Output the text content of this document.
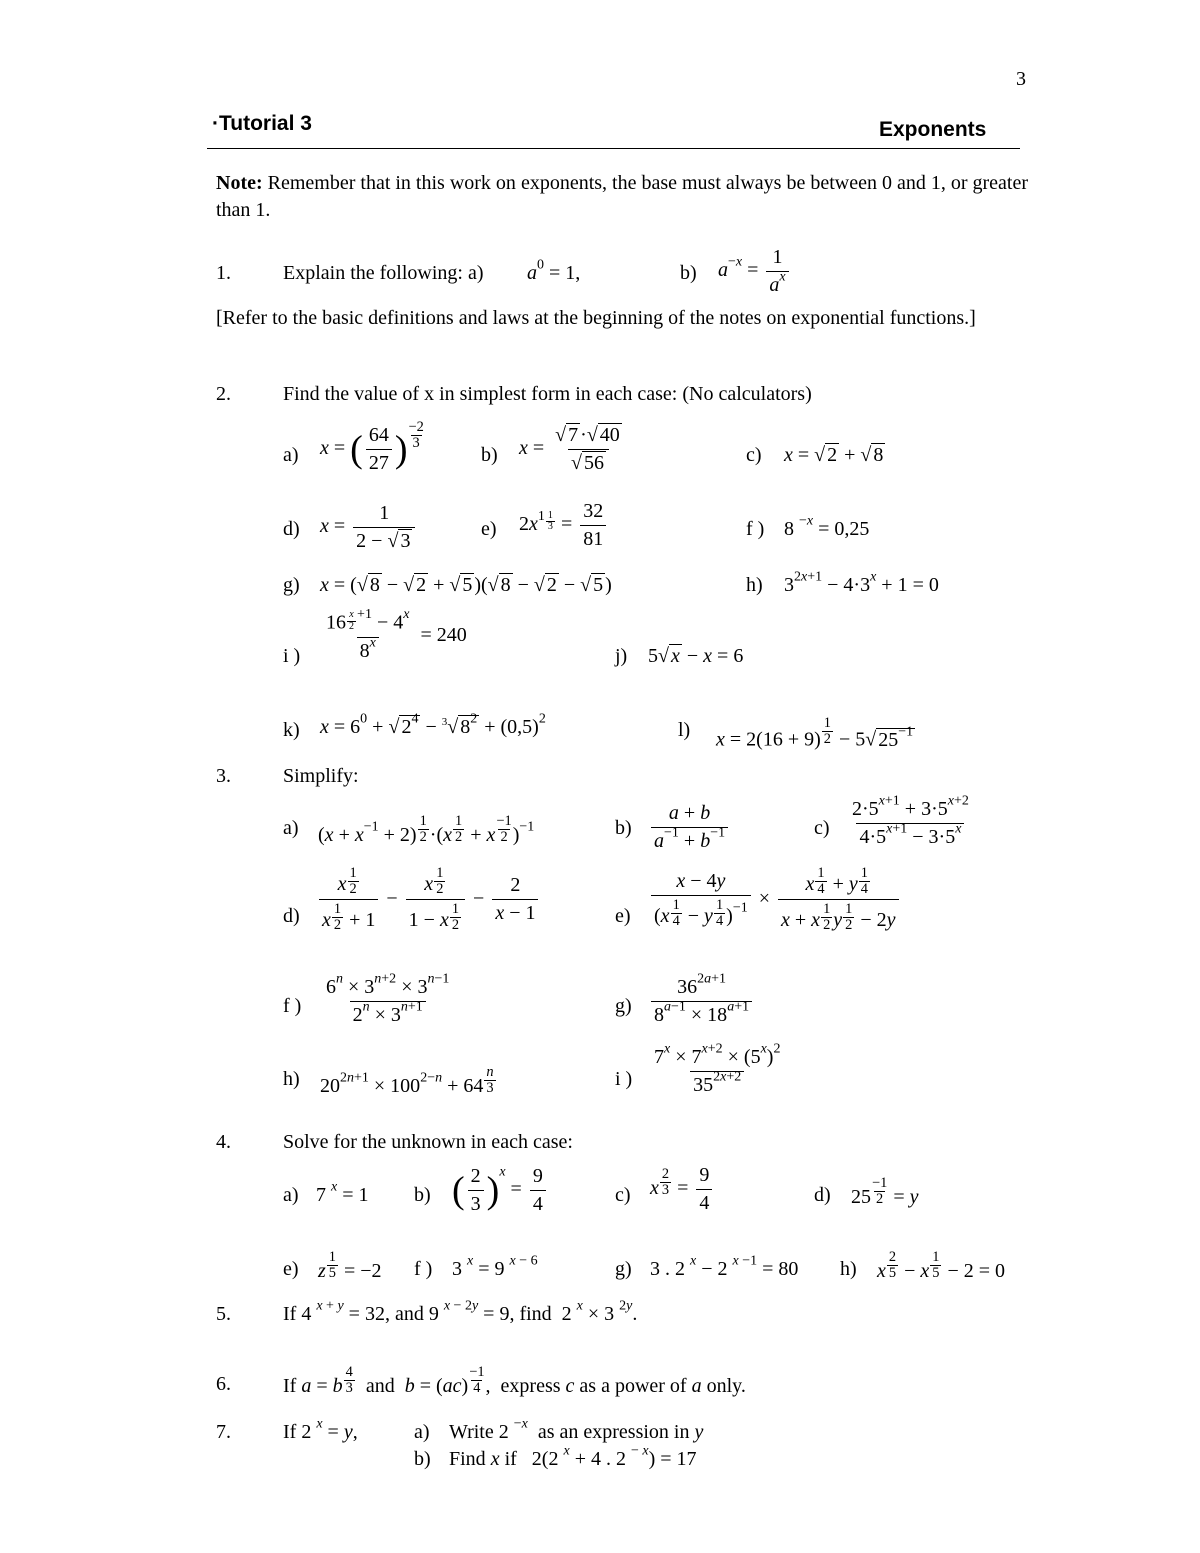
3
·Tutorial 3	Exponents
Note: Remember that in this work on exponents, the base must always be between 0 and 1, or greater than 1.
1.	Explain the following: a) $a^0 = 1$,	b) $a^{-x} = \frac{1}{a^x}$
[Refer to the basic definitions and laws at the beginning of the notes on exponential functions.]
2.	Find the value of x in simplest form in each case: (No calculators)
a) x = ( $\frac{64}{27}$ ) $\frac{-2}{3}$
b) $x = \frac{√ 7 \cdot√ 40}{√ 56}$	c) x = √ 2 + √ 8
d) $x = \frac{1}{2 - √ 3}$	e) $2x^{1 \frac{1}{3}} = \frac{32}{81}$	f ) 8 $^{-x}$ = 0,25
g) x = (√ 8 − √ 2 + √ 5 )(√ 8 − √ 2 − √ 5 )	h) $3^{2x+1} - 4\cdot 3^x + 1 = 0$
i ) 16 $^{\frac{x}{2} +1} - 4^x$
$8^x = 240$
j) 5√ x − x = 6
k) $x = 6^0$ + √ $2^4 - ^3√$ $8^2 + (0,5)^2$	l) $x = 2(16 + 9) \frac{1}{2} - 5√$ $25^{-1}$
3.	Simplify:
a) $(x + x^{-1} + 2) \frac{1}{2} \cdot(x \frac{1}{2} + x \frac{-1}{2} )^{-1}$	$b) \frac{a + b}{a^{-1} + b^{-1}}$	$c) \frac{2\cdot 5^{x+1} + 3\cdot 5^{x+2}}{4\cdot 5^{x+1} - 3\cdot 5^x}$
$d) \frac{x \frac{1}{2}}{x \frac{1}{2} + 1} - \frac{x \frac{1}{2}}{1 - x \frac{1}{2}} - \frac{2}{x - 1}$	$e) \frac{x - 4y}{(x \frac{1}{4} - y \frac{1}{4} )^{-1}} \times \frac{x \frac{1}{4} + y \frac{1}{4}}{x + x \frac{1}{2} y \frac{1}{2} - 2y}$
f ) $\frac{6^n \times 3^{n+2} \times 3^{n-1}}{2^n \times 3^{n+1}}$	$g) \frac{36^{2a+1}}{8^{a-1} \times 18^{a+1}}$
h) $20^{2n+1} \times 100^{2-n} + 64 \frac{n}{3}$	i ) $\frac{7^x \times 7^{x+2} \times (5^x)^2}{35^{2x+2}}$
4.	Solve for the unknown in each case:
a) 7 $^x$ = 1 b) ( $\frac{2}{3} )^x = \frac{9}{4}$	c) x $\frac{2}{3} = \frac{9}{4}$	d) $25 \frac{-1}{2} = y$
e) z $\frac{1}{5} = -2$ f ) 3 $^x$ = 9 $^{x - 6}$	g) 3 . 2 $^x$ − 2 $^{x -1}$ = 80 h) x $\frac{2}{5} - x \frac{1}{5} - 2 = 0$
5.	If 4 $^{x + y}$ = 32, and 9 $^{x - 2y}$ = 9, find  2 $^x$ × 3 $^{2y}$.
6.	If a = b $\frac{4}{3}$ and  $b = (ac) \frac{-1}{4}$ ,  express c as a power of a only.
7.	If 2 $^x$ = y,	a) Write 2 $^{-x}$  as an expression in y
b) Find x if   2(2 $^x$ + 4 . 2 $^{- x}$) = 17
